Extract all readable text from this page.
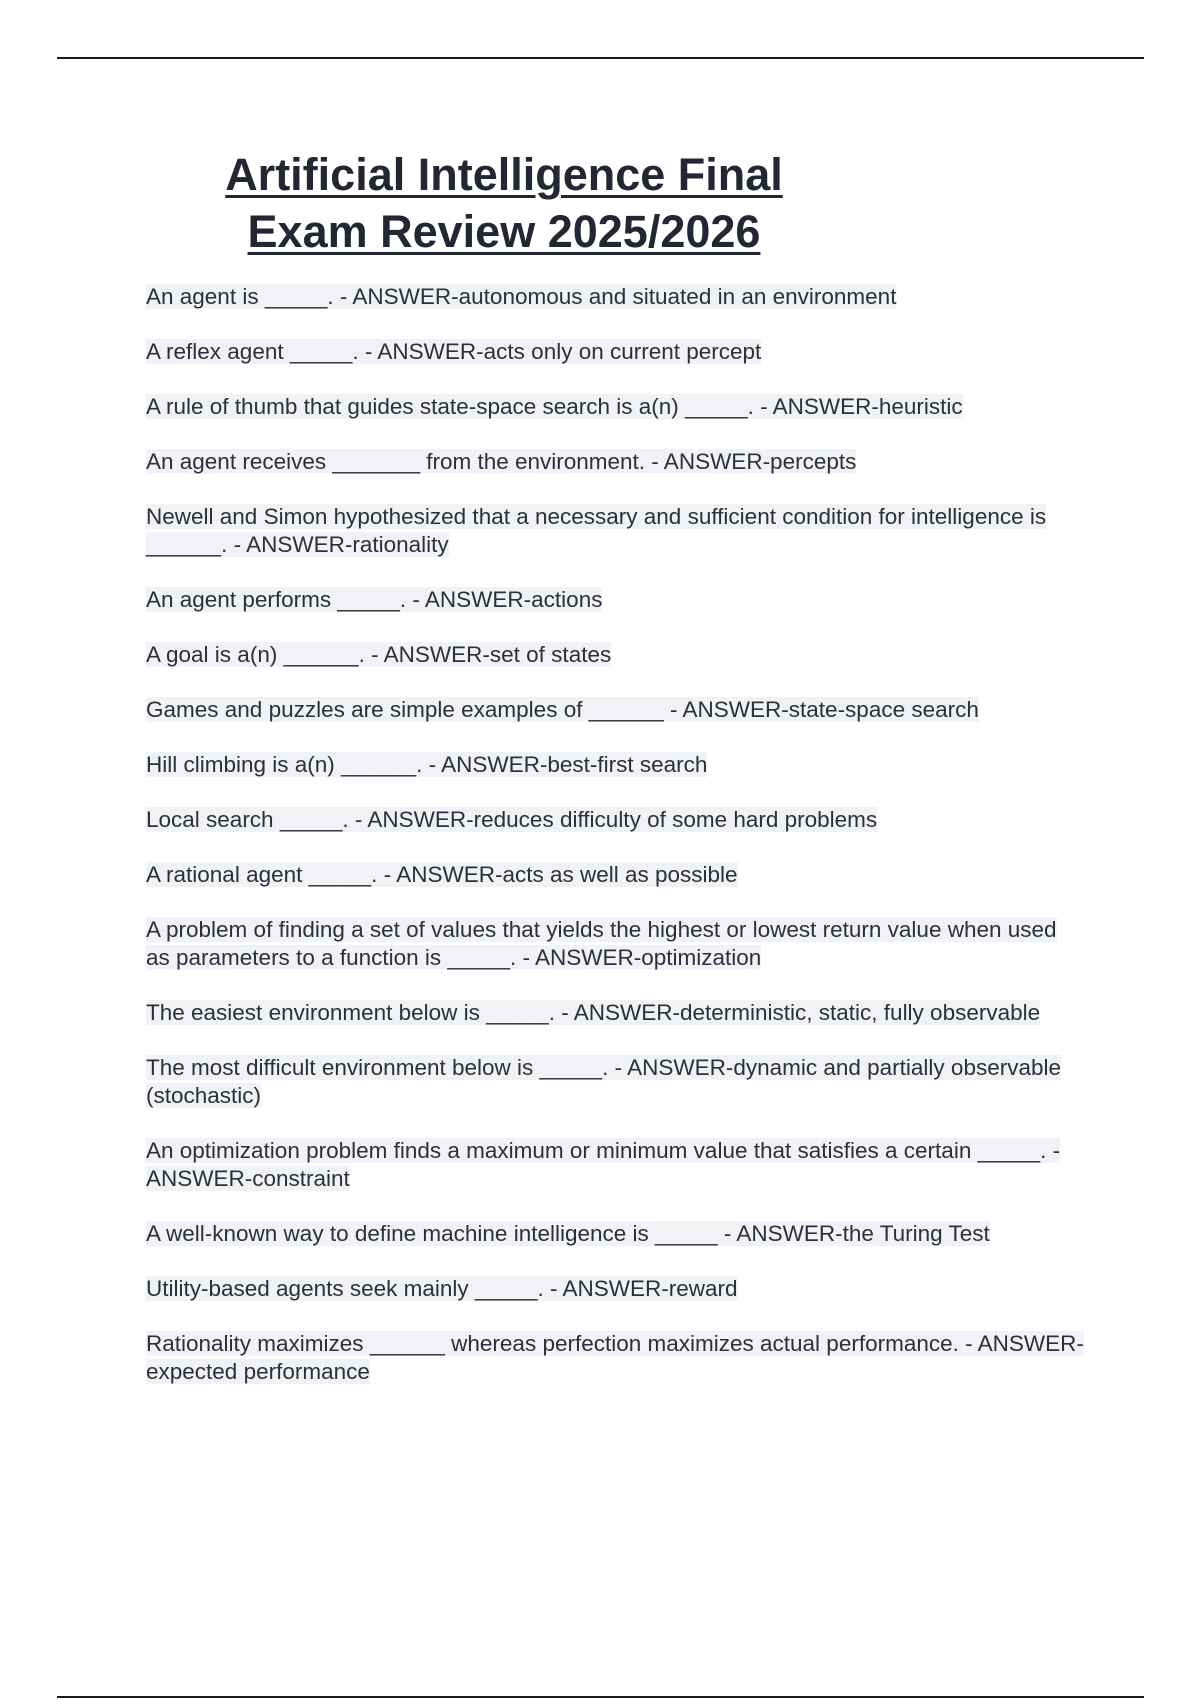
Artificial Intelligence Final
Exam Review 2025/2026
An agent is _____. - ANSWER-autonomous and situated in an environment
A reflex agent _____. - ANSWER-acts only on current percept
A rule of thumb that guides state-space search is a(n) _____. - ANSWER-heuristic
An agent receives _______ from the environment. - ANSWER-percepts
Newell and Simon hypothesized that a necessary and sufficient condition for intelligence is ______. - ANSWER-rationality
An agent performs _____. - ANSWER-actions
A goal is a(n) ______. - ANSWER-set of states
Games and puzzles are simple examples of ______ - ANSWER-state-space search
Hill climbing is a(n) ______. - ANSWER-best-first search
Local search _____. - ANSWER-reduces difficulty of some hard problems
A rational agent _____. - ANSWER-acts as well as possible
A problem of finding a set of values that yields the highest or lowest return value when used as parameters to a function is _____. - ANSWER-optimization
The easiest environment below is _____. - ANSWER-deterministic, static, fully observable
The most difficult environment below is _____. - ANSWER-dynamic and partially observable (stochastic)
An optimization problem finds a maximum or minimum value that satisfies a certain _____. - ANSWER-constraint
A well-known way to define machine intelligence is _____ - ANSWER-the Turing Test
Utility-based agents seek mainly _____. - ANSWER-reward
Rationality maximizes ______ whereas perfection maximizes actual performance. - ANSWER-expected performance
